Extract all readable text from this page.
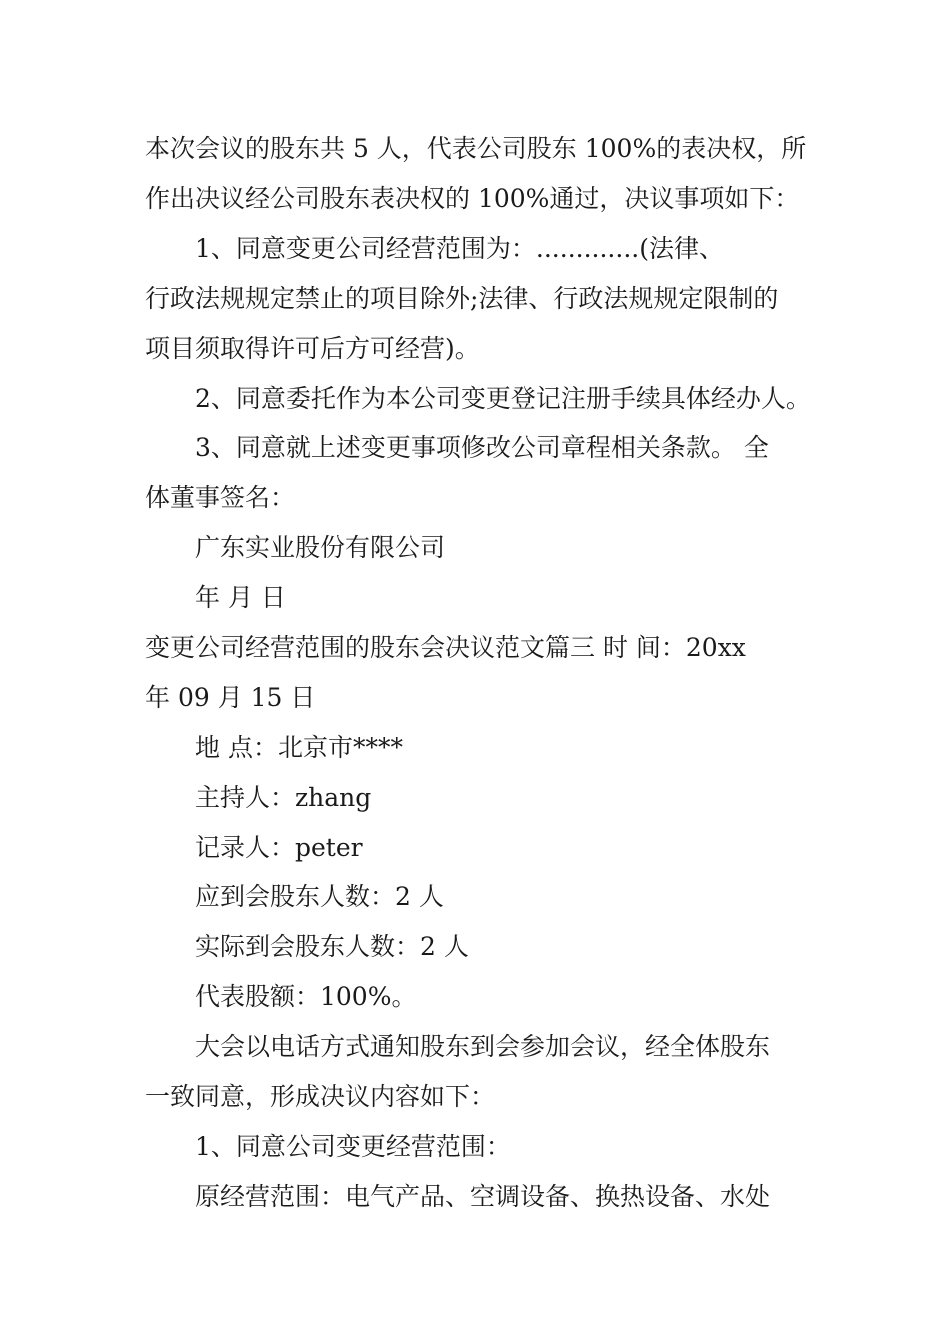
本次会议的股东共 5 人，代表公司股东 100%的表决权，所
作出决议经公司股东表决权的 100%通过，决议事项如下：
1、同意变更公司经营范围为：.............(法律、
行政法规规定禁止的项目除外;法律、行政法规规定限制的
项目须取得许可后方可经营)。
2、同意委托作为本公司变更登记注册手续具体经办人。
3、同意就上述变更事项修改公司章程相关条款。 全
体董事签名：
广东实业股份有限公司
年 月 日
变更公司经营范围的股东会决议范文篇三 时 间：20xx
年 09 月 15 日
地 点：北京市****
主持人：zhang
记录人：peter
应到会股东人数：2 人
实际到会股东人数：2 人
代表股额：100%。
大会以电话方式通知股东到会参加会议，经全体股东
一致同意，形成决议内容如下：
1、同意公司变更经营范围：
原经营范围：电气产品、空调设备、换热设备、水处
